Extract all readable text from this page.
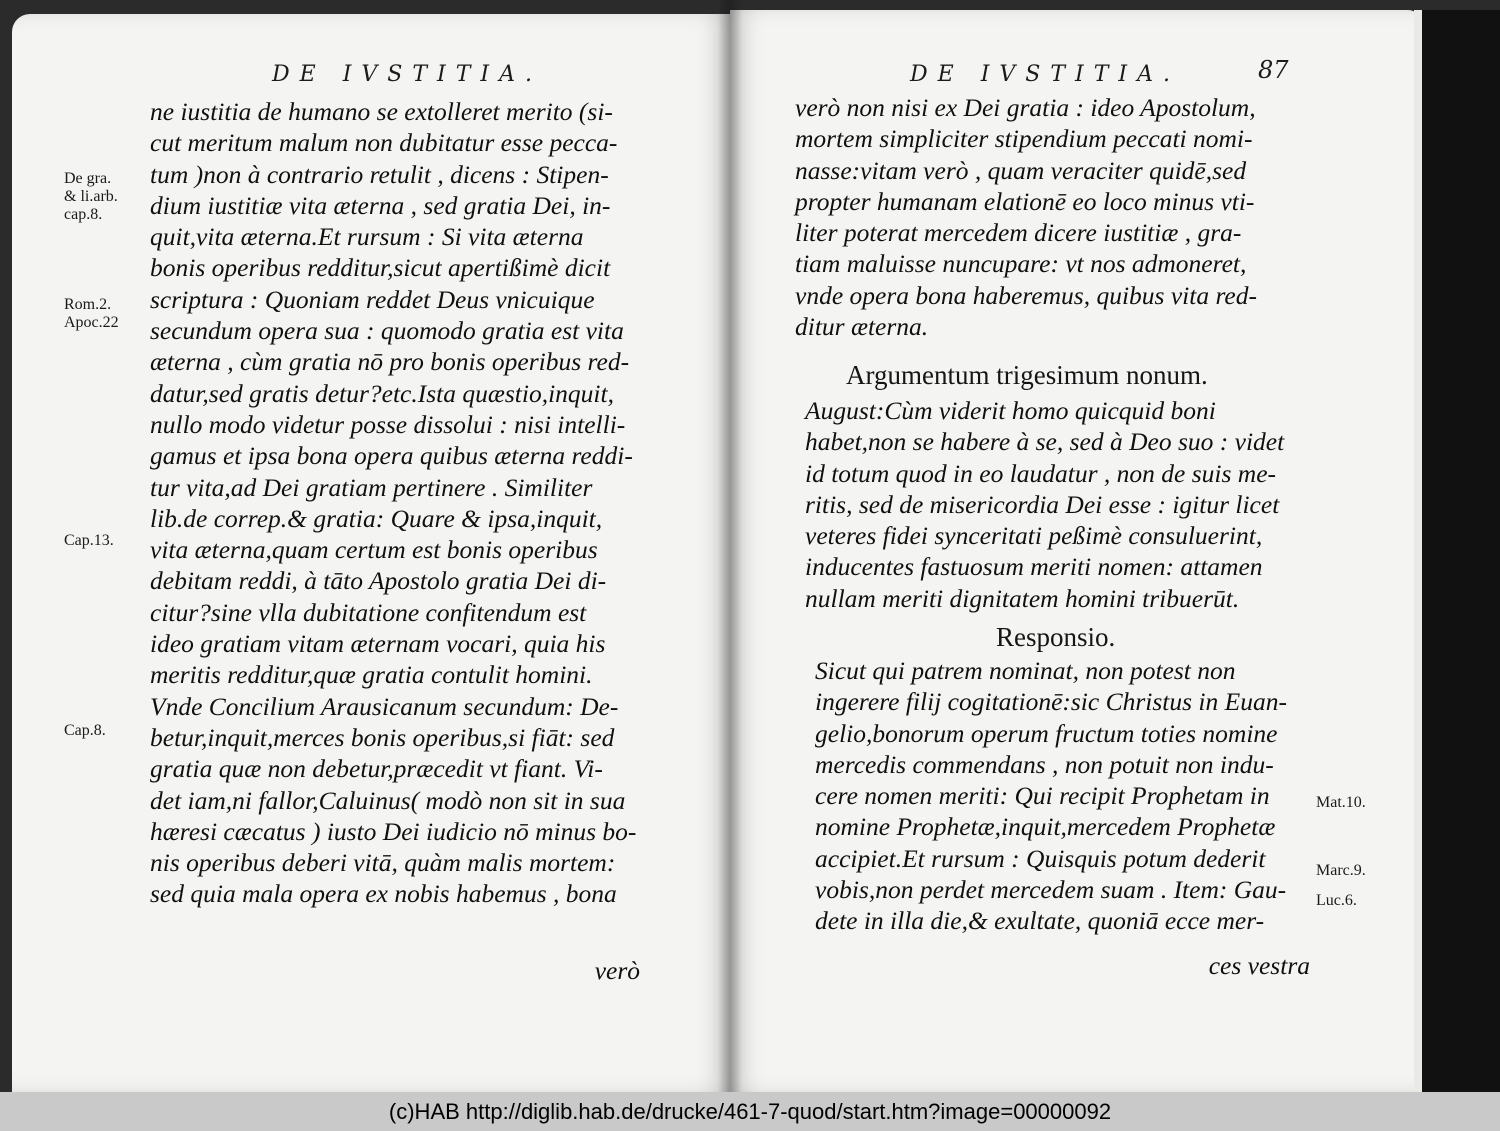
DE IVSTITIA.
De gra.
& li.arb.
cap.8.
Rom.2.
Apoc.22
Cap.13.
Cap.8.
ne iustitia de humano se extolleret merito (si-
cut meritum malum non dubitatur esse pecca-
tum )non à contrario retulit , dicens : Stipen-
dium iustitiæ vita æterna , sed gratia Dei, in-
quit,vita æterna.Et rursum : Si vita æterna
bonis operibus redditur,sicut apertißimè dicit
scriptura : Quoniam reddet Deus vnicuique
secundum opera sua : quomodo gratia est vita
æterna , cùm gratia nō pro bonis operibus red-
datur,sed gratis detur?etc.Ista quæstio,inquit,
nullo modo videtur posse dissolui : nisi intelli-
gamus et ipsa bona opera quibus æterna reddi-
tur vita,ad Dei gratiam pertinere . Similiter
lib.de correp.& gratia: Quare & ipsa,inquit,
vita æterna,quam certum est bonis operibus
debitam reddi, à tāto Apostolo gratia Dei di-
citur?sine vlla dubitatione confitendum est
ideo gratiam vitam æternam vocari, quia his
meritis redditur,quæ gratia contulit homini.
Vnde Concilium Arausicanum secundum: De-
betur,inquit,merces bonis operibus,si fiāt: sed
gratia quæ non debetur,præcedit vt fiant. Vi-
det iam,ni fallor,Caluinus( modò non sit in sua
hæresi cæcatus ) iusto Dei iudicio nō minus bo-
nis operibus deberi vitā, quàm malis mortem:
sed quia mala opera ex nobis habemus , bona
verò
DE IVSTITIA.	87
verò non nisi ex Dei gratia : ideo Apostolum,
mortem simpliciter stipendium peccati nomi-
nasse:vitam verò , quam veraciter quidē,sed
propter humanam elationē eo loco minus vti-
liter poterat mercedem dicere iustitiæ , gra-
tiam maluisse nuncupare: vt nos admoneret,
vnde opera bona haberemus, quibus vita red-
ditur æterna.
Argumentum trigesimum nonum.
August:Cùm viderit homo quicquid boni
habet,non se habere à se, sed à Deo suo : videt
id totum quod in eo laudatur , non de suis me-
ritis, sed de misericordia Dei esse : igitur licet
veteres fidei synceritati peßimè consuluerint,
inducentes fastuosum meriti nomen: attamen
nullam meriti dignitatem homini tribuerūt.
Responsio.
Sicut qui patrem nominat, non potest non
ingerere filij cogitationē:sic Christus in Euan-
gelio,bonorum operum fructum toties nomine
mercedis commendans , non potuit non indu-
cere nomen meriti: Qui recipit Prophetam in
nomine Prophetæ,inquit,mercedem Prophetæ
accipiet.Et rursum : Quisquis potum dederit
vobis,non perdet mercedem suam . Item: Gau-
dete in illa die,& exultate, quoniā ecce mer-
ces vestra
Mat.10.
Marc.9.
Luc.6.
(c)HAB http://diglib.hab.de/drucke/461-7-quod/start.htm?image=00000092
